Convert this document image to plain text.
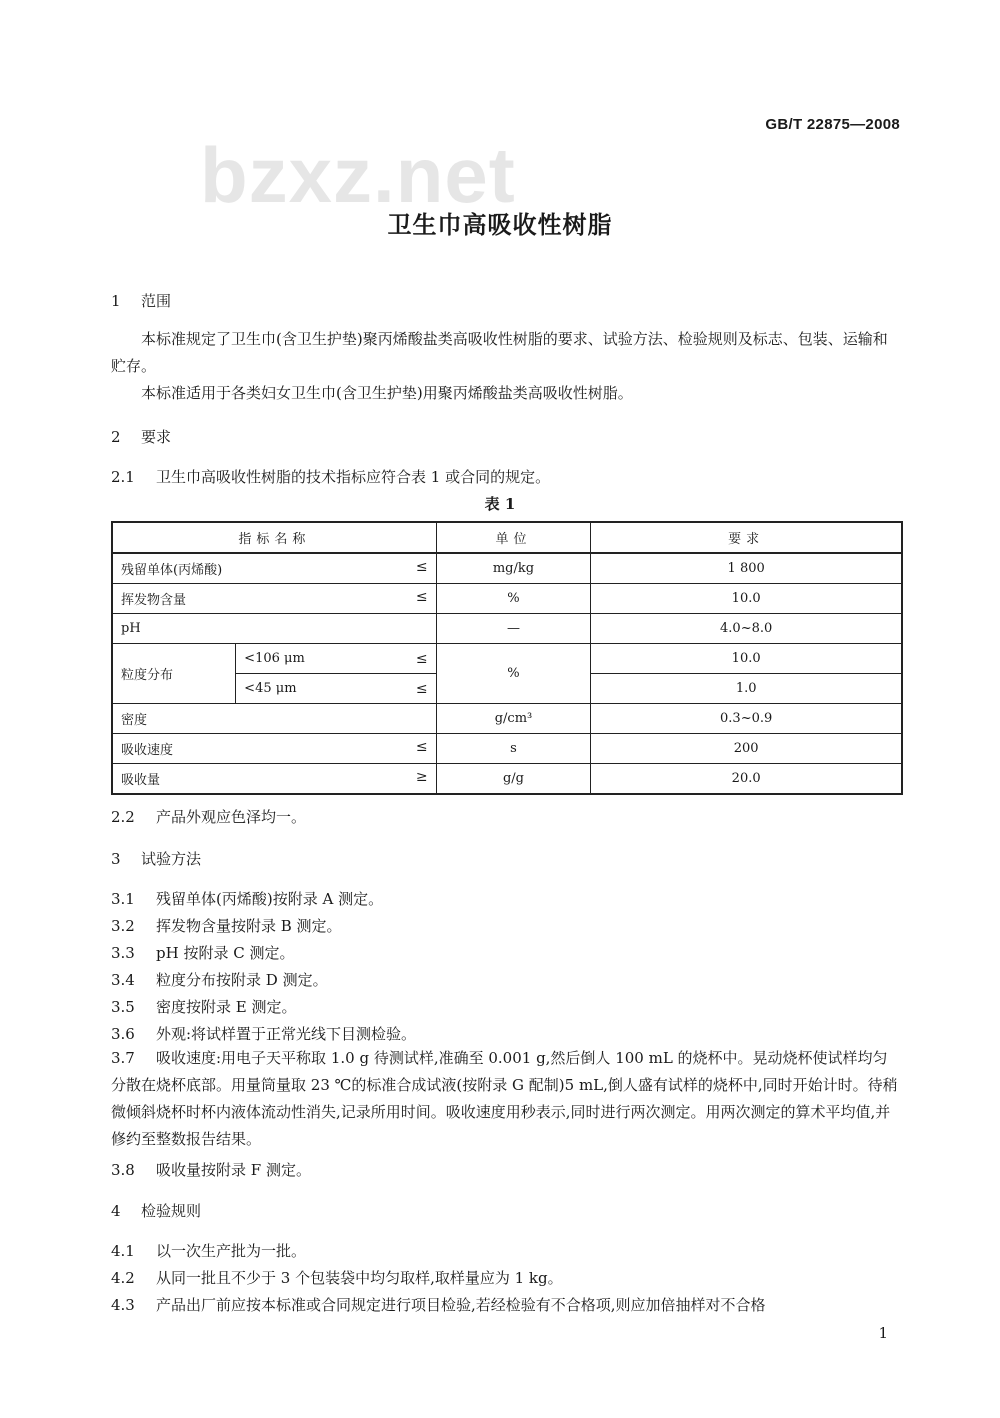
bzxz.net
GB/T 22875—2008
卫生巾高吸收性树脂
1 范围
本标准规定了卫生巾(含卫生护垫)聚丙烯酸盐类高吸收性树脂的要求、试验方法、检验规则及标志、包装、运输和贮存。
本标准适用于各类妇女卫生巾(含卫生护垫)用聚丙烯酸盐类高吸收性树脂。
2 要求
2.1 卫生巾高吸收性树脂的技术指标应符合表 1 或合同的规定。
表 1
指标名称		单位	要求
残留单体(丙烯酸) ≤		mg/kg	1 800
挥发物含量 ≤		%	10.0
pH		—	4.0~8.0
粒度分布	<106 μm ≤	%	10.0
	<45 μm ≤		1.0
密度		g/cm³	0.3~0.9
吸收速度 ≤		s	200
吸收量 ≥		g/g	20.0
2.2 产品外观应色泽均一。
3 试验方法
3.1 残留单体(丙烯酸)按附录 A 测定。
3.2 挥发物含量按附录 B 测定。
3.3 pH 按附录 C 测定。
3.4 粒度分布按附录 D 测定。
3.5 密度按附录 E 测定。
3.6 外观:将试样置于正常光线下目测检验。
3.7 吸收速度:用电子天平称取 1.0 g 待测试样,准确至 0.001 g,然后倒人 100 mL 的烧杯中。晃动烧杯使试样均匀分散在烧杯底部。用量筒量取 23 ℃的标准合成试液(按附录 G 配制)5 mL,倒人盛有试样的烧杯中,同时开始计时。待稍微倾斜烧杯时杯内液体流动性消失,记录所用时间。吸收速度用秒表示,同时进行两次测定。用两次测定的算术平均值,并修约至整数报告结果。
3.8 吸收量按附录 F 测定。
4 检验规则
4.1 以一次生产批为一批。
4.2 从同一批且不少于 3 个包装袋中均匀取样,取样量应为 1 kg。
4.3 产品出厂前应按本标准或合同规定进行项目检验,若经检验有不合格项,则应加倍抽样对不合格
1
